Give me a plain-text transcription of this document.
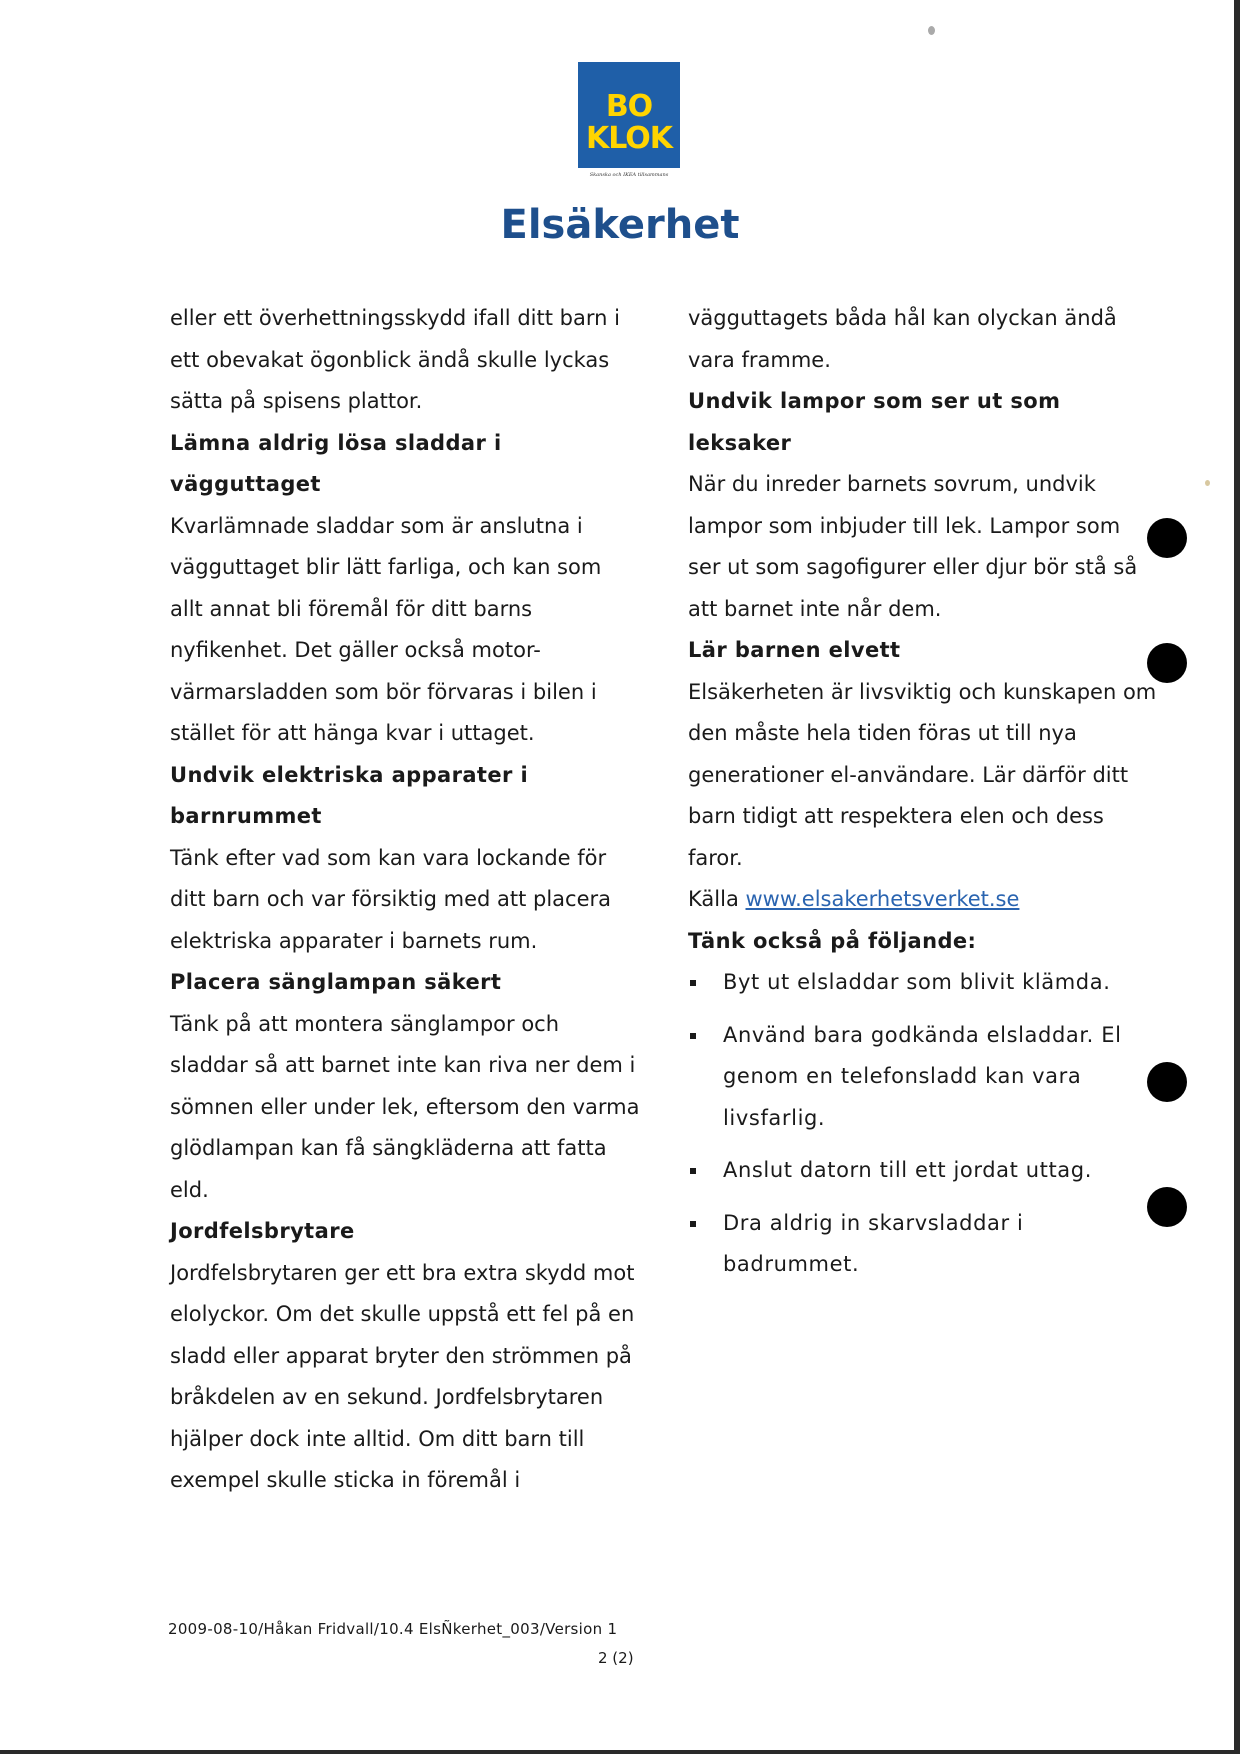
BO
KLOK
Skanska och IKEA tillsammans
Elsäkerhet

eller ett överhettningsskydd ifall ditt barn i ett obevakat ögonblick ändå skulle lyckas sätta på spisens plattor.

Lämna aldrig lösa sladdar i vägguttaget

Kvarlämnade sladdar som är anslutna i vägguttaget blir lätt farliga, och kan som allt annat bli föremål för ditt barns nyfikenhet. Det gäller också motor-värmarsladden som bör förvaras i bilen i stället för att hänga kvar i uttaget.

Undvik elektriska apparater i barnrummet

Tänk efter vad som kan vara lockande för ditt barn och var försiktig med att placera elektriska apparater i barnets rum.

Placera sänglampan säkert

Tänk på att montera sänglampor och sladdar så att barnet inte kan riva ner dem i sömnen eller under lek, eftersom den varma glödlampan kan få sängkläderna att fatta eld.

Jordfelsbrytare

Jordfelsbrytaren ger ett bra extra skydd mot elolyckor. Om det skulle uppstå ett fel på en sladd eller apparat bryter den strömmen på bråkdelen av en sekund. Jordfelsbrytaren hjälper dock inte alltid. Om ditt barn till exempel skulle sticka in föremål i

vägguttagets båda hål kan olyckan ändå vara framme.

Undvik lampor som ser ut som leksaker

När du inreder barnets sovrum, undvik lampor som inbjuder till lek. Lampor som ser ut som sagofigurer eller djur bör stå så att barnet inte når dem.

Lär barnen elvett

Elsäkerheten är livsviktig och kunskapen om den måste hela tiden föras ut till nya generationer el-användare. Lär därför ditt barn tidigt att respektera elen och dess faror.

Källa www.elsakerhetsverket.se

Tänk också på följande:
Byt ut elsladdar som blivit klämda.
Använd bara godkända elsladdar. El genom en telefonsladd kan vara livsfarlig.
Anslut datorn till ett jordat uttag.
Dra aldrig in skarvsladdar i badrummet.
2009-08-10/Håkan Fridvall/10.4 ElsÑkerhet_003/Version 1
2 (2)
